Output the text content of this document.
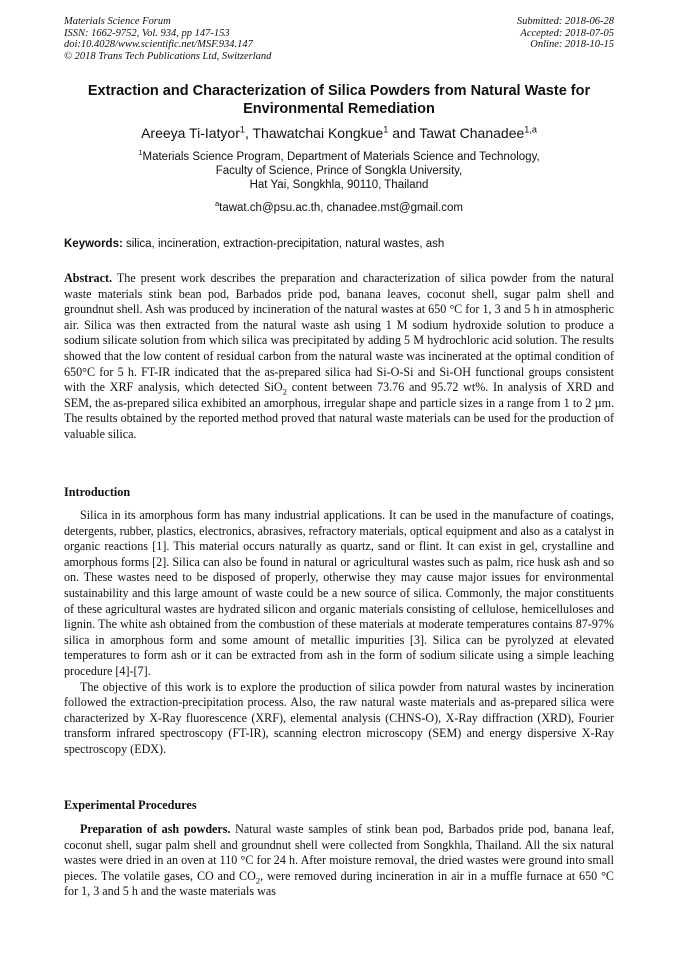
Materials Science Forum
ISSN: 1662-9752, Vol. 934, pp 147-153
doi:10.4028/www.scientific.net/MSF.934.147
© 2018 Trans Tech Publications Ltd, Switzerland
Submitted: 2018-06-28
Accepted: 2018-07-05
Online: 2018-10-15
Extraction and Characterization of Silica Powders from Natural Waste for Environmental Remediation
Areeya Ti-Iatyor$^1$, Thawatchai Kongkue$^1$ and Tawat Chanadee$^{1,a}$
$^1$Materials Science Program, Department of Materials Science and Technology,
Faculty of Science, Prince of Songkla University,
Hat Yai, Songkhla, 90110, Thailand
$^a$tawat.ch@psu.ac.th, chanadee.mst@gmail.com
Keywords: silica, incineration, extraction-precipitation, natural wastes, ash
Abstract. The present work describes the preparation and characterization of silica powder from the natural waste materials stink bean pod, Barbados pride pod, banana leaves, coconut shell, sugar palm shell and groundnut shell. Ash was produced by incineration of the natural wastes at 650 °C for 1, 3 and 5 h in atmospheric air. Silica was then extracted from the natural waste ash using 1 M sodium hydroxide solution to produce a sodium silicate solution from which silica was precipitated by adding 5 M hydrochloric acid solution. The results showed that the low content of residual carbon from the natural waste was incinerated at the optimal condition of 650°C for 5 h. FT-IR indicated that the as-prepared silica had Si-O-Si and Si-OH functional groups consistent with the XRF analysis, which detected SiO$_2$ content between 73.76 and 95.72 wt%. In analysis of XRD and SEM, the as-prepared silica exhibited an amorphous, irregular shape and particle sizes in a range from 1 to 2 µm. The results obtained by the reported method proved that natural waste materials can be used for the production of valuable silica.
Introduction

Silica in its amorphous form has many industrial applications. It can be used in the manufacture of coatings, detergents, rubber, plastics, electronics, abrasives, refractory materials, optical equipment and also as a catalyst in organic reactions [1]. This material occurs naturally as quartz, sand or flint. It can exist in gel, crystalline and amorphous forms [2]. Silica can also be found in natural or agricultural wastes such as palm, rice husk ash and so on. These wastes need to be disposed of properly, otherwise they may cause major issues for environmental sustainability and this large amount of waste could be a new source of silica. Commonly, the major constituents of these agricultural wastes are hydrated silicon and organic materials consisting of cellulose, hemicelluloses and lignin. The white ash obtained from the combustion of these materials at moderate temperatures contains 87-97% silica in amorphous form and some amount of metallic impurities [3]. Silica can be pyrolyzed at elevated temperatures to form ash or it can be extracted from ash in the form of sodium silicate using a simple leaching procedure [4]-[7].

The objective of this work is to explore the production of silica powder from natural wastes by incineration followed the extraction-precipitation process. Also, the raw natural waste materials and as-prepared silica were characterized by X-Ray fluorescence (XRF), elemental analysis (CHNS-O), X-Ray diffraction (XRD), Fourier transform infrared spectroscopy (FT-IR), scanning electron microscopy (SEM) and energy dispersive X-Ray spectroscopy (EDX).

Experimental Procedures

Preparation of ash powders. Natural waste samples of stink bean pod, Barbados pride pod, banana leaf, coconut shell, sugar palm shell and groundnut shell were collected from Songkhla, Thailand. All the six natural wastes were dried in an oven at 110 °C for 24 h. After moisture removal, the dried wastes were ground into small pieces. The volatile gases, CO and $CO_2$, were removed during incineration in air in a muffle furnace at 650 °C for 1, 3 and 5 h and the waste materials was
